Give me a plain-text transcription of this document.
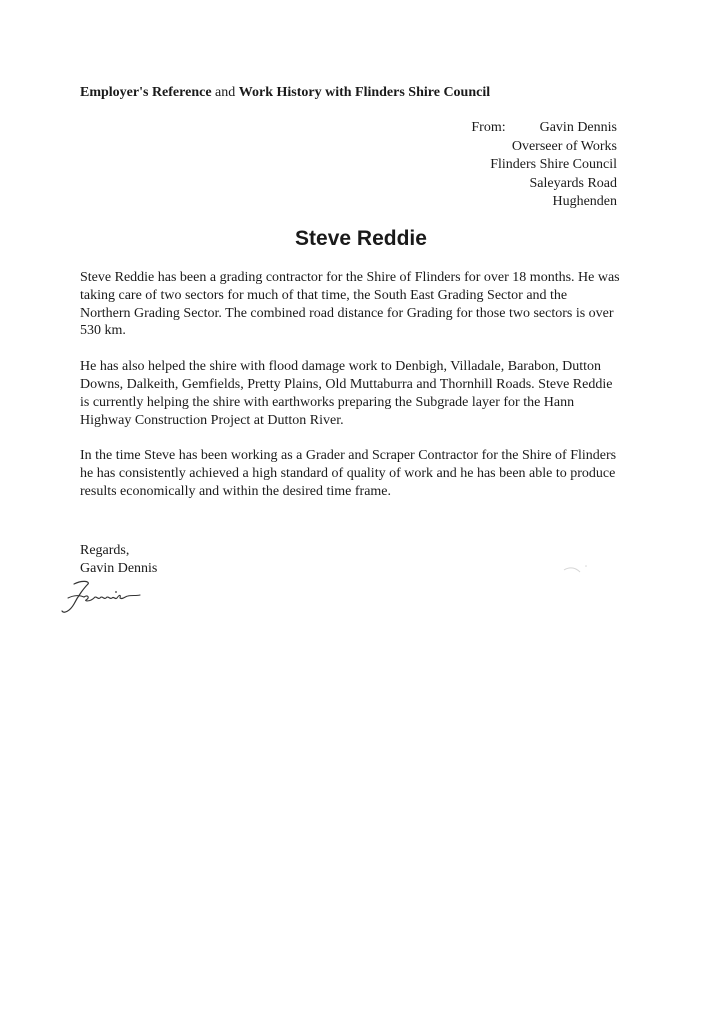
Employer's Reference and Work History with Flinders Shire Council
From: Gavin Dennis
Overseer of Works
Flinders Shire Council
Saleyards Road
Hughenden
Steve Reddie

Steve Reddie has been a grading contractor for the Shire of Flinders for over 18 months. He was taking care of two sectors for much of that time, the South East Grading Sector and the Northern Grading Sector. The combined road distance for Grading for those two sectors is over 530 km.

He has also helped the shire with flood damage work to Denbigh, Villadale, Barabon, Dutton Downs, Dalkeith, Gemfields, Pretty Plains, Old Muttaburra and Thornhill Roads. Steve Reddie is currently helping the shire with earthworks preparing the Subgrade layer for the Hann Highway Construction Project at Dutton River.

In the time Steve has been working as a Grader and Scraper Contractor for the Shire of Flinders he has consistently achieved a high standard of quality of work and he has been able to produce results economically and within the desired time frame.

Regards,
Gavin Dennis
